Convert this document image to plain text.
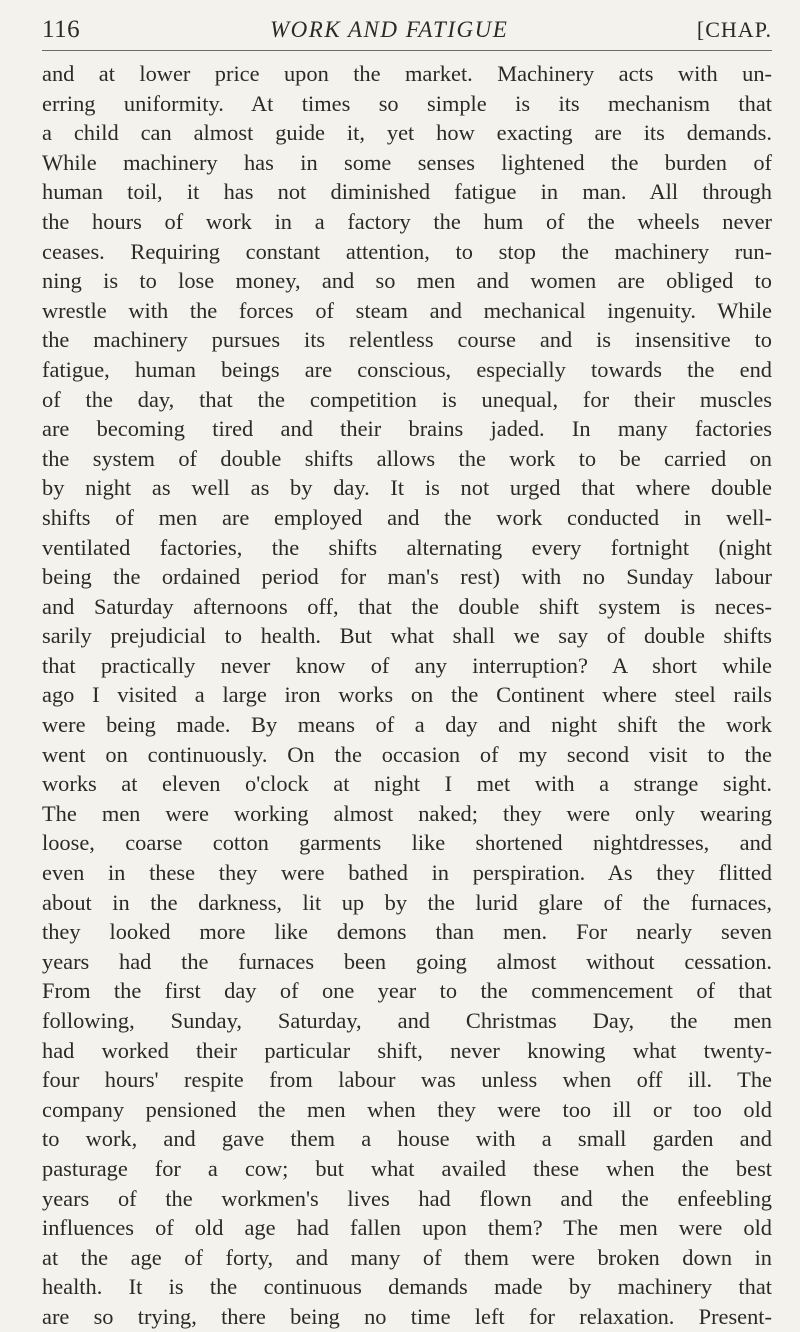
116	WORK AND FATIGUE	[CHAP.
and at lower price upon the market. Machinery acts with un-
erring uniformity. At times so simple is its mechanism that
a child can almost guide it, yet how exacting are its demands.
While machinery has in some senses lightened the burden of
human toil, it has not diminished fatigue in man. All through
the hours of work in a factory the hum of the wheels never
ceases. Requiring constant attention, to stop the machinery run-
ning is to lose money, and so men and women are obliged to
wrestle with the forces of steam and mechanical ingenuity. While
the machinery pursues its relentless course and is insensitive to
fatigue, human beings are conscious, especially towards the end
of the day, that the competition is unequal, for their muscles
are becoming tired and their brains jaded. In many factories
the system of double shifts allows the work to be carried on
by night as well as by day. It is not urged that where double
shifts of men are employed and the work conducted in well-
ventilated factories, the shifts alternating every fortnight (night
being the ordained period for man's rest) with no Sunday labour
and Saturday afternoons off, that the double shift system is neces-
sarily prejudicial to health. But what shall we say of double shifts
that practically never know of any interruption? A short while
ago I visited a large iron works on the Continent where steel rails
were being made. By means of a day and night shift the work
went on continuously. On the occasion of my second visit to the
works at eleven o'clock at night I met with a strange sight.
The men were working almost naked; they were only wearing
loose, coarse cotton garments like shortened nightdresses, and
even in these they were bathed in perspiration. As they flitted
about in the darkness, lit up by the lurid glare of the furnaces,
they looked more like demons than men. For nearly seven
years had the furnaces been going almost without cessation.
From the first day of one year to the commencement of that
following, Sunday, Saturday, and Christmas Day, the men
had worked their particular shift, never knowing what twenty-
four hours' respite from labour was unless when off ill. The
company pensioned the men when they were too ill or too old
to work, and gave them a house with a small garden and
pasturage for a cow; but what availed these when the best
years of the workmen's lives had flown and the enfeebling
influences of old age had fallen upon them? The men were old
at the age of forty, and many of them were broken down in
health. It is the continuous demands made by machinery that
are so trying, there being no time left for relaxation. Present-
